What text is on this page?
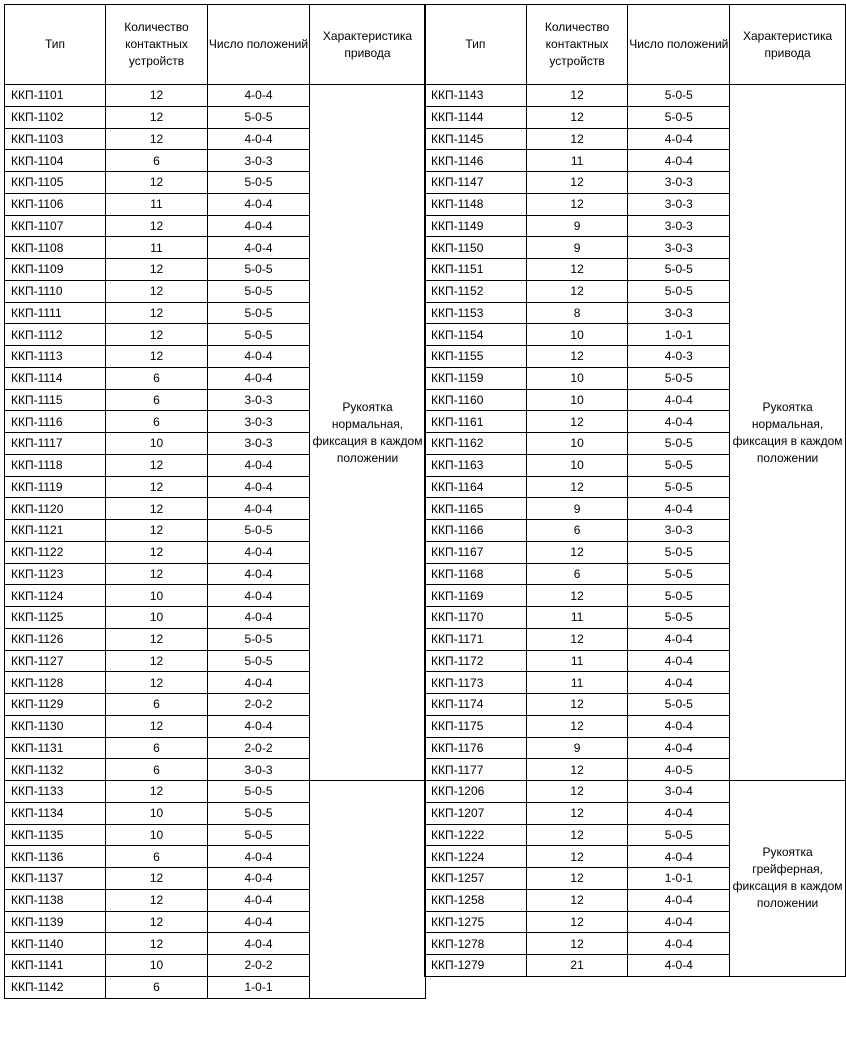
Тип	Количество контактных устройств	Число положений	Характеристика привода
ККП-1101	12	4-0-4	Рукоятка нормальная, фиксация в каждом положении
ККП-1102	12	5-0-5	
ККП-1103	12	4-0-4	
ККП-1104	6	3-0-3	
ККП-1105	12	5-0-5	
ККП-1106	11	4-0-4	
ККП-1107	12	4-0-4	
ККП-1108	11	4-0-4	
ККП-1109	12	5-0-5	
ККП-1110	12	5-0-5	
ККП-1111	12	5-0-5	
ККП-1112	12	5-0-5	
ККП-1113	12	4-0-4	
ККП-1114	6	4-0-4	
ККП-1115	6	3-0-3	
ККП-1116	6	3-0-3	
ККП-1117	10	3-0-3	
ККП-1118	12	4-0-4	
ККП-1119	12	4-0-4	
ККП-1120	12	4-0-4	
ККП-1121	12	5-0-5	
ККП-1122	12	4-0-4	
ККП-1123	12	4-0-4	
ККП-1124	10	4-0-4	
ККП-1125	10	4-0-4	
ККП-1126	12	5-0-5	
ККП-1127	12	5-0-5	
ККП-1128	12	4-0-4	
ККП-1129	6	2-0-2	
ККП-1130	12	4-0-4	
ККП-1131	6	2-0-2	
ККП-1132	6	3-0-3	
ККП-1133	12	5-0-5	
ККП-1134	10	5-0-5	
ККП-1135	10	5-0-5	
ККП-1136	6	4-0-4	
ККП-1137	12	4-0-4	
ККП-1138	12	4-0-4	
ККП-1139	12	4-0-4	
ККП-1140	12	4-0-4	
ККП-1141	10	2-0-2	
ККП-1142	6	1-0-1	
Тип	Количество контактных устройств	Число положений	Характеристика привода
ККП-1143	12	5-0-5	Рукоятка нормальная, фиксация в каждом положении
ККП-1144	12	5-0-5	
ККП-1145	12	4-0-4	
ККП-1146	11	4-0-4	
ККП-1147	12	3-0-3	
ККП-1148	12	3-0-3	
ККП-1149	9	3-0-3	
ККП-1150	9	3-0-3	
ККП-1151	12	5-0-5	
ККП-1152	12	5-0-5	
ККП-1153	8	3-0-3	
ККП-1154	10	1-0-1	
ККП-1155	12	4-0-3	
ККП-1159	10	5-0-5	
ККП-1160	10	4-0-4	
ККП-1161	12	4-0-4	
ККП-1162	10	5-0-5	
ККП-1163	10	5-0-5	
ККП-1164	12	5-0-5	
ККП-1165	9	4-0-4	
ККП-1166	6	3-0-3	
ККП-1167	12	5-0-5	
ККП-1168	6	5-0-5	
ККП-1169	12	5-0-5	
ККП-1170	11	5-0-5	
ККП-1171	12	4-0-4	
ККП-1172	11	4-0-4	
ККП-1173	11	4-0-4	
ККП-1174	12	5-0-5	
ККП-1175	12	4-0-4	
ККП-1176	9	4-0-4	
ККП-1177	12	4-0-5	
ККП-1206	12	3-0-4	Рукоятка грейферная, фиксация в каждом положении
ККП-1207	12	4-0-4	
ККП-1222	12	5-0-5	
ККП-1224	12	4-0-4	
ККП-1257	12	1-0-1	
ККП-1258	12	4-0-4	
ККП-1275	12	4-0-4	
ККП-1278	12	4-0-4	
ККП-1279	21	4-0-4	
